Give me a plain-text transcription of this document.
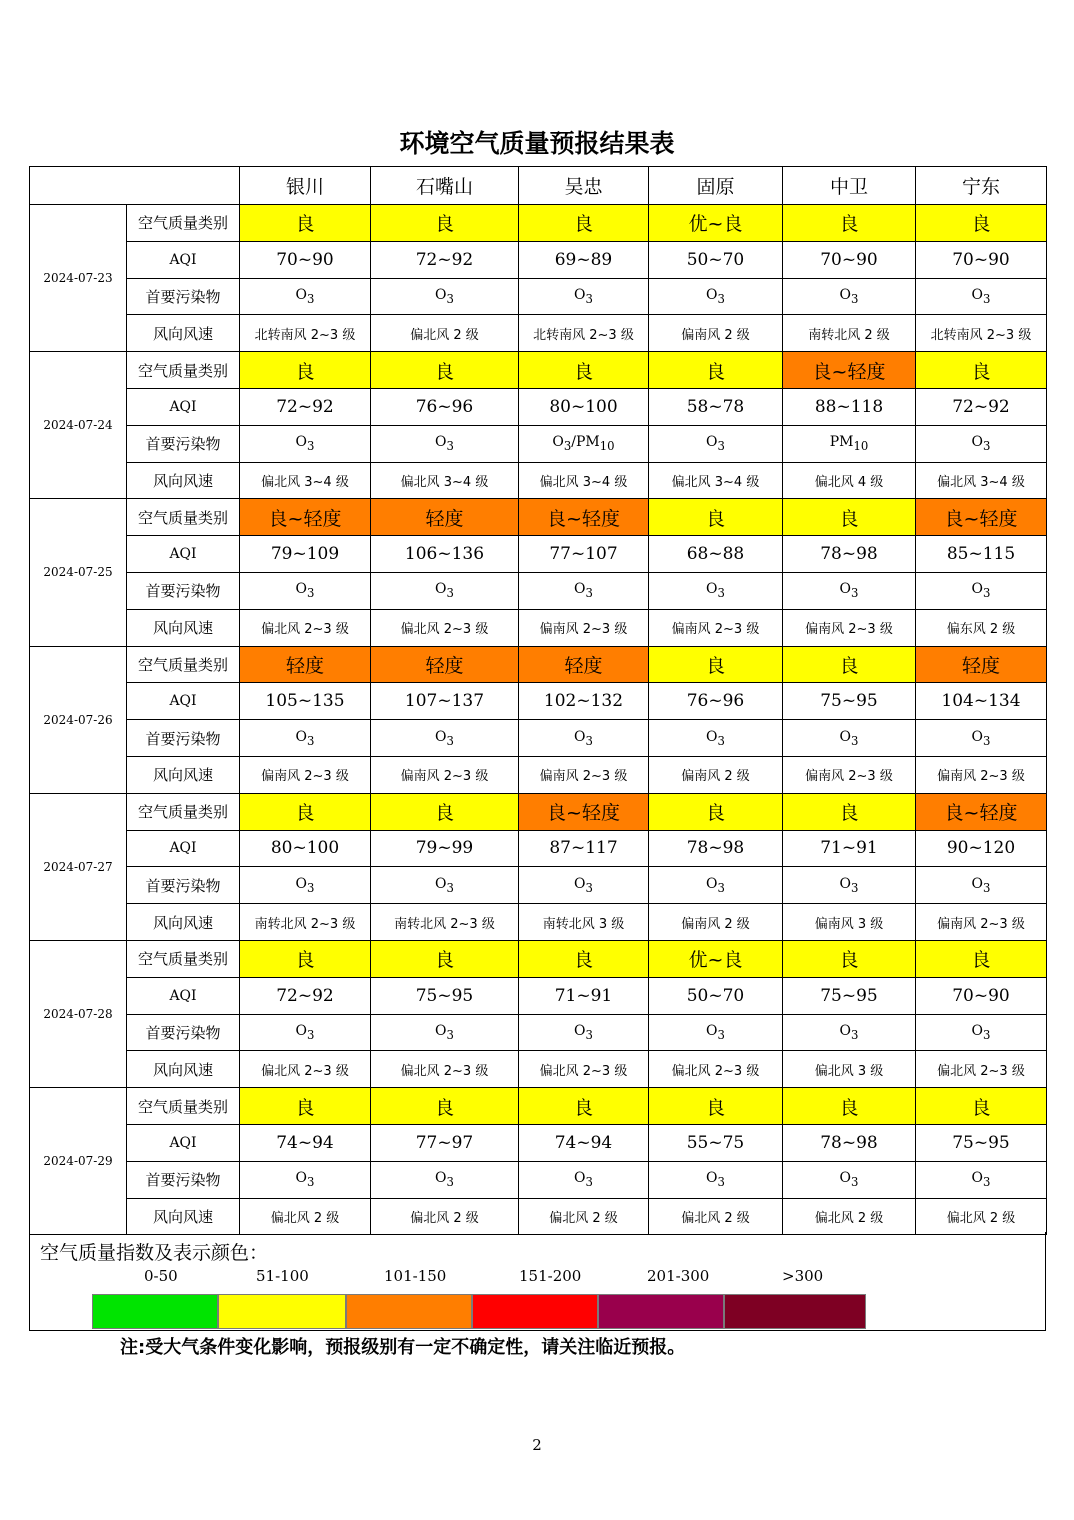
环境空气质量预报结果表
		银川	石嘴山	吴忠	固原	中卫	宁东
2024-07-23	空气质量类别	良	良	良	优~良	良	良
	AQI	70~90	72~92	69~89	50~70	70~90	70~90
	首要污染物	$O_3$	$O_3$	$O_3$	$O_3$	$O_3$	$O_3$
	风向风速	北转南风 2~3 级	偏北风 2 级	北转南风 2~3 级	偏南风 2 级	南转北风 2 级	北转南风 2~3 级
2024-07-24	空气质量类别	良	良	良	良	良~轻度	良
	AQI	72~92	76~96	80~100	58~78	88~118	72~92
	首要污染物	$O_3$	$O_3$	$O_3/PM_{10}$	$O_3$	$PM_{10}$	$O_3$
	风向风速	偏北风 3~4 级	偏北风 3~4 级	偏北风 3~4 级	偏北风 3~4 级	偏北风 4 级	偏北风 3~4 级
2024-07-25	空气质量类别	良~轻度	轻度	良~轻度	良	良	良~轻度
	AQI	79~109	106~136	77~107	68~88	78~98	85~115
	首要污染物	$O_3$	$O_3$	$O_3$	$O_3$	$O_3$	$O_3$
	风向风速	偏北风 2~3 级	偏北风 2~3 级	偏南风 2~3 级	偏南风 2~3 级	偏南风 2~3 级	偏东风 2 级
2024-07-26	空气质量类别	轻度	轻度	轻度	良	良	轻度
	AQI	105~135	107~137	102~132	76~96	75~95	104~134
	首要污染物	$O_3$	$O_3$	$O_3$	$O_3$	$O_3$	$O_3$
	风向风速	偏南风 2~3 级	偏南风 2~3 级	偏南风 2~3 级	偏南风 2 级	偏南风 2~3 级	偏南风 2~3 级
2024-07-27	空气质量类别	良	良	良~轻度	良	良	良~轻度
	AQI	80~100	79~99	87~117	78~98	71~91	90~120
	首要污染物	$O_3$	$O_3$	$O_3$	$O_3$	$O_3$	$O_3$
	风向风速	南转北风 2~3 级	南转北风 2~3 级	南转北风 3 级	偏南风 2 级	偏南风 3 级	偏南风 2~3 级
2024-07-28	空气质量类别	良	良	良	优~良	良	良
	AQI	72~92	75~95	71~91	50~70	75~95	70~90
	首要污染物	$O_3$	$O_3$	$O_3$	$O_3$	$O_3$	$O_3$
	风向风速	偏北风 2~3 级	偏北风 2~3 级	偏北风 2~3 级	偏北风 2~3 级	偏北风 3 级	偏北风 2~3 级
2024-07-29	空气质量类别	良	良	良	良	良	良
	AQI	74~94	77~97	74~94	55~75	78~98	75~95
	首要污染物	$O_3$	$O_3$	$O_3$	$O_3$	$O_3$	$O_3$
	风向风速	偏北风 2 级	偏北风 2 级	偏北风 2 级	偏北风 2 级	偏北风 2 级	偏北风 2 级
空气质量指数及表示颜色：
0-50	51-100	101-150	151-200	201-300	>300
注:受大气条件变化影响，预报级别有一定不确定性，请关注临近预报。
2
